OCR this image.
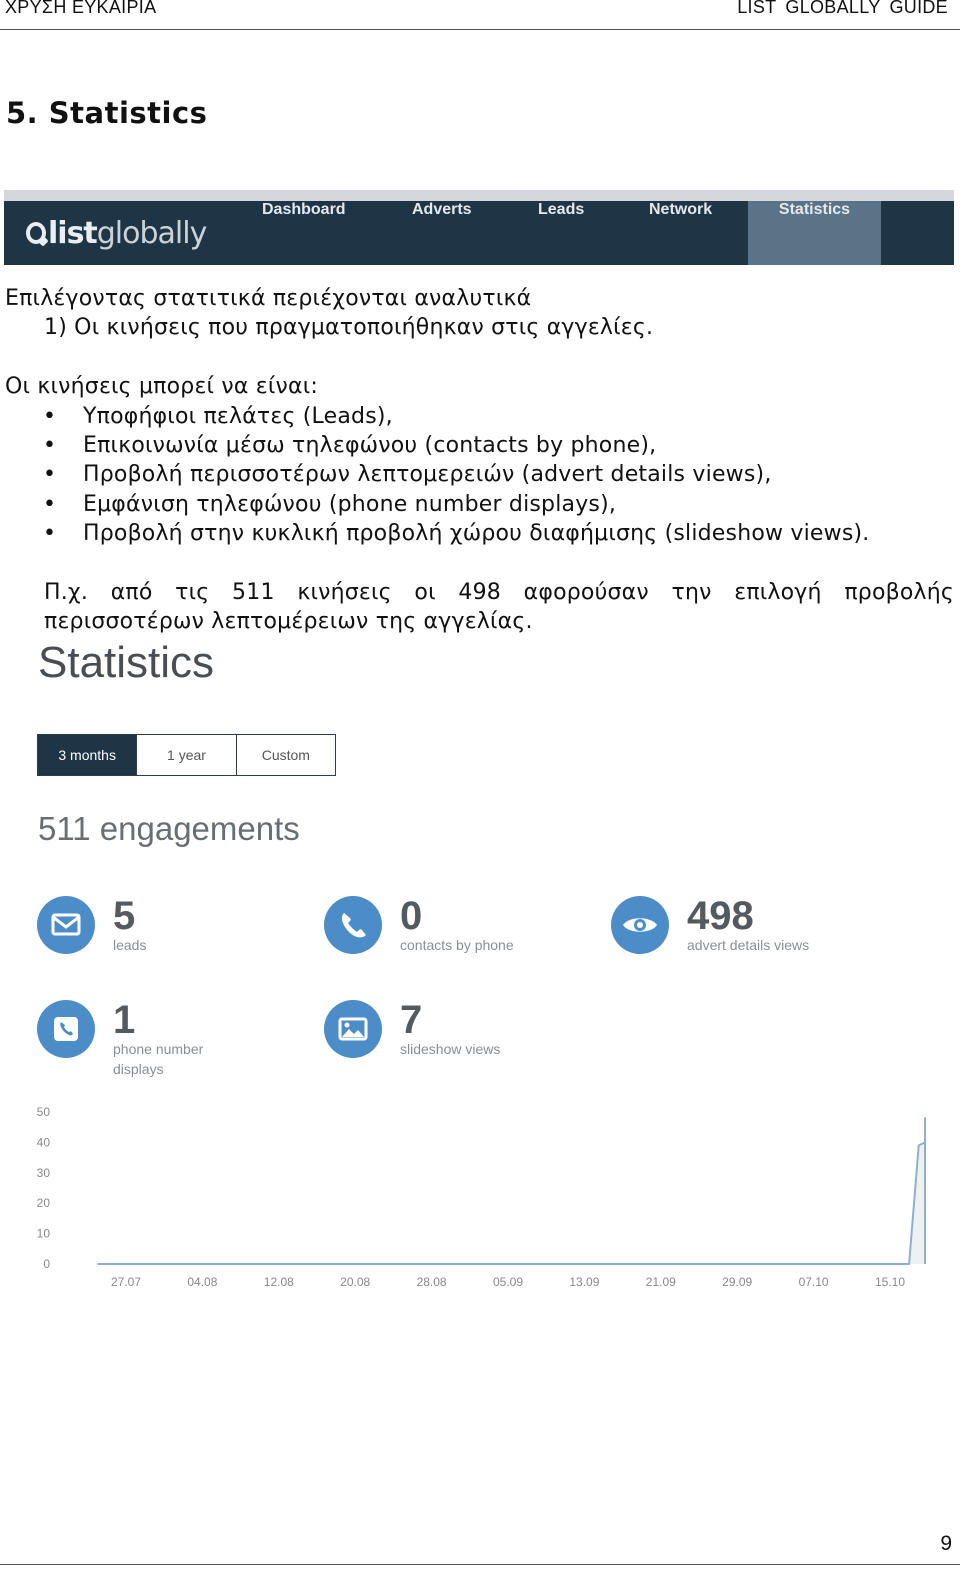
ΧΡΥΣΗ ΕΥΚΑΙΡΙΑ	LIST GLOBALLY GUIDE
5. Statistics
list globally
Dashboard	Adverts	Leads	Network	Statistics
Επιλέγοντας στατιτικά περιέχονται αναλυτικά
1) Οι κινήσεις που πραγματοποιήθηκαν στις αγγελίες.
Οι κινήσεις μπορεί να είναι:
• Υποφήφιοι πελάτες (Leads),
• Επικοινωνία μέσω τηλεφώνου (contacts by phone),
• Προβολή περισσοτέρων λεπτομερειών (advert details views),
• Εμφάνιση τηλεφώνου (phone number displays),
• Προβολή στην κυκλική προβολή χώρου διαφήμισης (slideshow views).
Π.χ. από τις 511 κινήσεις οι 498 αφορούσαν την επιλογή προβολής
περισσοτέρων λεπτομέρειων της αγγελίας.
Statistics
3 months	1 year	Custom
511 engagements
5
leads
0
contacts by phone
498
advert details views
1
phone number
displays
7
slideshow views
0
10
20
30
40
50
27.07	04.08	12.08	20.08	28.08	05.09	13.09	21.09	29.09	07.10	15.10
9
